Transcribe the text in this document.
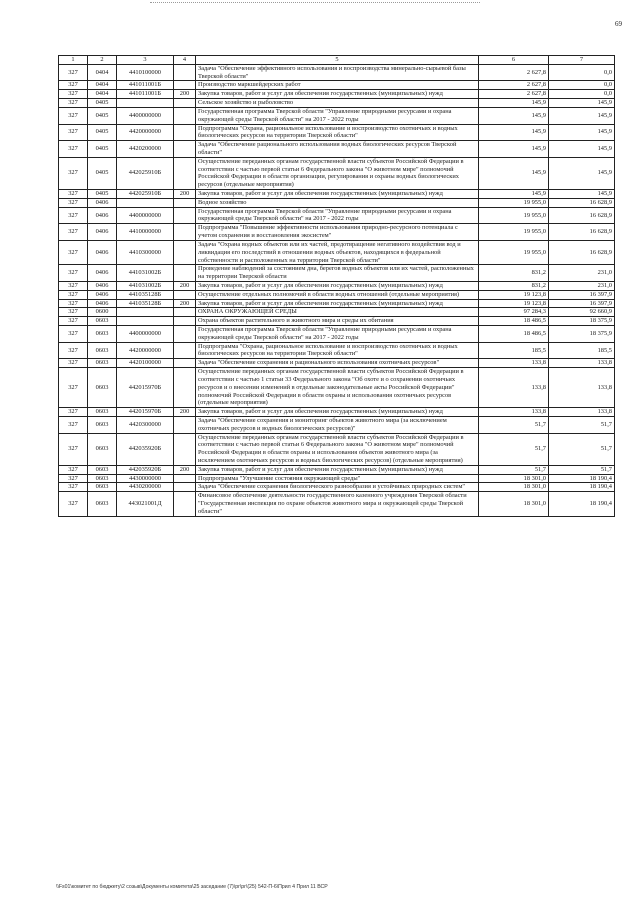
69
1	2	3	4	5	6	7
327	0404	4410100000		Задача "Обеспечение эффективного использования и воспроизводства минерально-сырьевой базы Тверской области"	2 627,8	0,0
327	0404	441011001Б		Производство маркшейдерских работ	2 627,8	0,0
327	0404	441011001Б	200	Закупка товаров, работ и услуг для обеспечения государственных (муниципальных) нужд	2 627,8	0,0
327	0405			Сельское хозяйство и рыболовство	145,9	145,9
327	0405	4400000000		Государственная программа Тверской области "Управление природными ресурсами и охрана окружающей среды Тверской области" на 2017 - 2022 годы	145,9	145,9
327	0405	4420000000		Подпрограмма "Охрана, рациональное использование и воспроизводство охотничьих и водных биологических ресурсов на территории Тверской области"	145,9	145,9
327	0405	4420200000		Задача "Обеспечение рационального использования водных биологических ресурсов Тверской области"	145,9	145,9
327	0405	442025910Б		Осуществление переданных органам государственной власти субъектов Российской Федерации в соответствии с частью первой статьи 6 Федерального закона "О животном мире" полномочий Российской Федерации в области организации, регулирования и охраны водных биологических ресурсов (отдельные мероприятия)	145,9	145,9
327	0405	442025910Б	200	Закупка товаров, работ и услуг для обеспечения государственных (муниципальных) нужд	145,9	145,9
327	0406			Водное хозяйство	19 955,0	16 628,9
327	0406	4400000000		Государственная программа Тверской области "Управление природными ресурсами и охрана окружающей среды Тверской области" на 2017 - 2022 годы	19 955,0	16 628,9
327	0406	4410000000		Подпрограмма "Повышение эффективности использования природно-ресурсного потенциала с учетом сохранения и восстановления экосистем"	19 955,0	16 628,9
327	0406	4410300000		Задача "Охрана водных объектов или их частей, предотвращение негативного воздействия вод и ликвидация его последствий в отношении водных объектов, находящихся в федеральной собственности и расположенных на территории Тверской области"	19 955,0	16 628,9
327	0406	441031002Б		Проведение наблюдений за состоянием дна, берегов водных объектов или их частей, расположенных на территории Тверской области	831,2	231,0
327	0406	441031002Б	200	Закупка товаров, работ и услуг для обеспечения государственных (муниципальных) нужд	831,2	231,0
327	0406	441035128Б		Осуществление отдельных полномочий в области водных отношений (отдельные мероприятия)	19 123,8	16 397,9
327	0406	441035128Б	200	Закупка товаров, работ и услуг для обеспечения государственных (муниципальных) нужд	19 123,8	16 397,9
327	0600			ОХРАНА ОКРУЖАЮЩЕЙ СРЕДЫ	97 284,3	92 660,9
327	0603			Охрана объектов растительного и животного мира и среды их обитания	18 486,5	18 375,9
327	0603	4400000000		Государственная программа Тверской области "Управление природными ресурсами и охрана окружающей среды Тверской области" на 2017 - 2022 годы	18 486,5	18 375,9
327	0603	4420000000		Подпрограмма "Охрана, рациональное использование и воспроизводство охотничьих и водных биологических ресурсов на территории Тверской области"	185,5	185,5
327	0603	4420100000		Задача "Обеспечение сохранения и рационального использования охотничьих ресурсов"	133,8	133,8
327	0603	442015970Б		Осуществление переданных органам государственной власти субъектов Российской Федерации в соответствии с частью 1 статьи 33 Федерального закона "Об охоте и о сохранении охотничьих ресурсов и о внесении изменений в отдельные законодательные акты Российской Федерации" полномочий Российской Федерации в области охраны и использования охотничьих ресурсов (отдельные мероприятия)	133,8	133,8
327	0603	442015970Б	200	Закупка товаров, работ и услуг для обеспечения государственных (муниципальных) нужд	133,8	133,8
327	0603	4420300000		Задача "Обеспечение сохранения и мониторинг объектов животного мира (за исключением охотничьих ресурсов и водных биологических ресурсов)"	51,7	51,7
327	0603	442035920Б		Осуществление переданных органам государственной власти субъектов Российской Федерации в соответствии с частью первой статьи 6 Федерального закона "О животном мире" полномочий Российской Федерации в области охраны и использования объектов животного мира (за исключением охотничьих ресурсов и водных биологических ресурсов) (отдельные мероприятия)	51,7	51,7
327	0603	442035920Б	200	Закупка товаров, работ и услуг для обеспечения государственных (муниципальных) нужд	51,7	51,7
327	0603	4430000000		Подпрограмма "Улучшение состояния окружающей среды"	18 301,0	18 190,4
327	0603	4430200000		Задача "Обеспечение сохранения биологического разнообразия и устойчивых природных систем"	18 301,0	18 190,4
327	0603	443021001Д		Финансовое обеспечение деятельности государственного казенного учреждения Тверской области "Государственная инспекция по охране объектов животного мира и окружающей среды Тверской области"	18 301,0	18 190,4
\\Fs01\комитет по бюджету\2 созыв\Документы комитета\25 заседание (7)\pr\pr\(25) 542-П-6\Прил 4 Прил 11 ВСР
